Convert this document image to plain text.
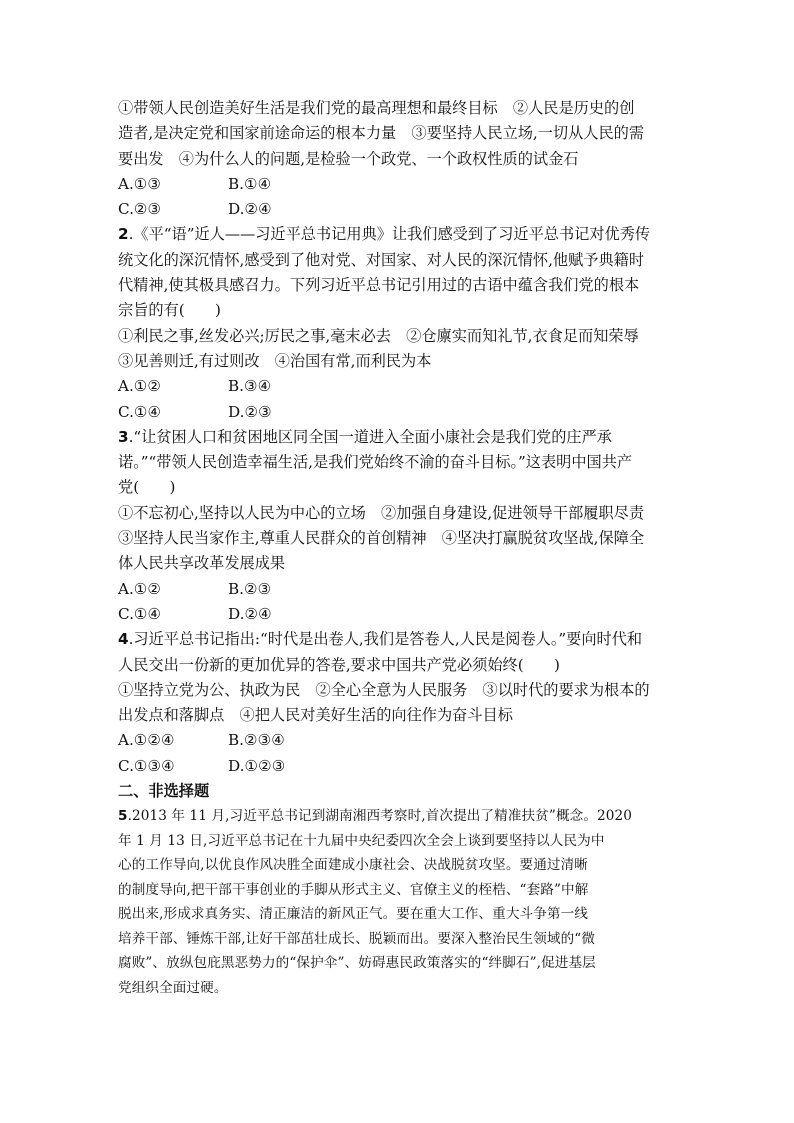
①带领人民创造美好生活是我们党的最高理想和最终目标　②人民是历史的创
造者,是决定党和国家前途命运的根本力量　③要坚持人民立场,一切从人民的需
要出发　④为什么人的问题,是检验一个政党、一个政权性质的试金石
A.①③	B.①④
C.②③	D.②④
2.《平“语”近人——习近平总书记用典》让我们感受到了习近平总书记对优秀传
统文化的深沉情怀,感受到了他对党、对国家、对人民的深沉情怀,他赋予典籍时
代精神,使其极具感召力。下列习近平总书记引用过的古语中蕴含我们党的根本
宗旨的有(　　)
①利民之事,丝发必兴;厉民之事,毫末必去　②仓廪实而知礼节,衣食足而知荣辱
③见善则迁,有过则改　④治国有常,而利民为本
A.①②	B.③④
C.①④	D.②③
3.“让贫困人口和贫困地区同全国一道进入全面小康社会是我们党的庄严承
诺。”“带领人民创造幸福生活,是我们党始终不渝的奋斗目标。”这表明中国共产
党(　　)
①不忘初心,坚持以人民为中心的立场　②加强自身建设,促进领导干部履职尽责
③坚持人民当家作主,尊重人民群众的首创精神　④坚决打赢脱贫攻坚战,保障全
体人民共享改革发展成果
A.①②	B.②③
C.①④	D.②④
4.习近平总书记指出:“时代是出卷人,我们是答卷人,人民是阅卷人。”要向时代和
人民交出一份新的更加优异的答卷,要求中国共产党必须始终(　　)
①坚持立党为公、执政为民　②全心全意为人民服务　③以时代的要求为根本的
出发点和落脚点　④把人民对美好生活的向往作为奋斗目标
A.①②④	B.②③④
C.①③④	D.①②③
二、非选择题
5.2013 年 11 月,习近平总书记到湖南湘西考察时,首次提出了精准扶贫”概念。2020
年 1 月 13 日,习近平总书记在十九届中央纪委四次全会上谈到要坚持以人民为中
心的工作导向,以优良作风决胜全面建成小康社会、决战脱贫攻坚。要通过清晰
的制度导向,把干部干事创业的手脚从形式主义、官僚主义的桎梏、“套路”中解
脱出来,形成求真务实、清正廉洁的新风正气。要在重大工作、重大斗争第一线
培养干部、锤炼干部,让好干部茁壮成长、脱颖而出。要深入整治民生领域的“微
腐败”、放纵包庇黑恶势力的“保护伞”、妨碍惠民政策落实的“绊脚石”,促进基层
党组织全面过硬。
